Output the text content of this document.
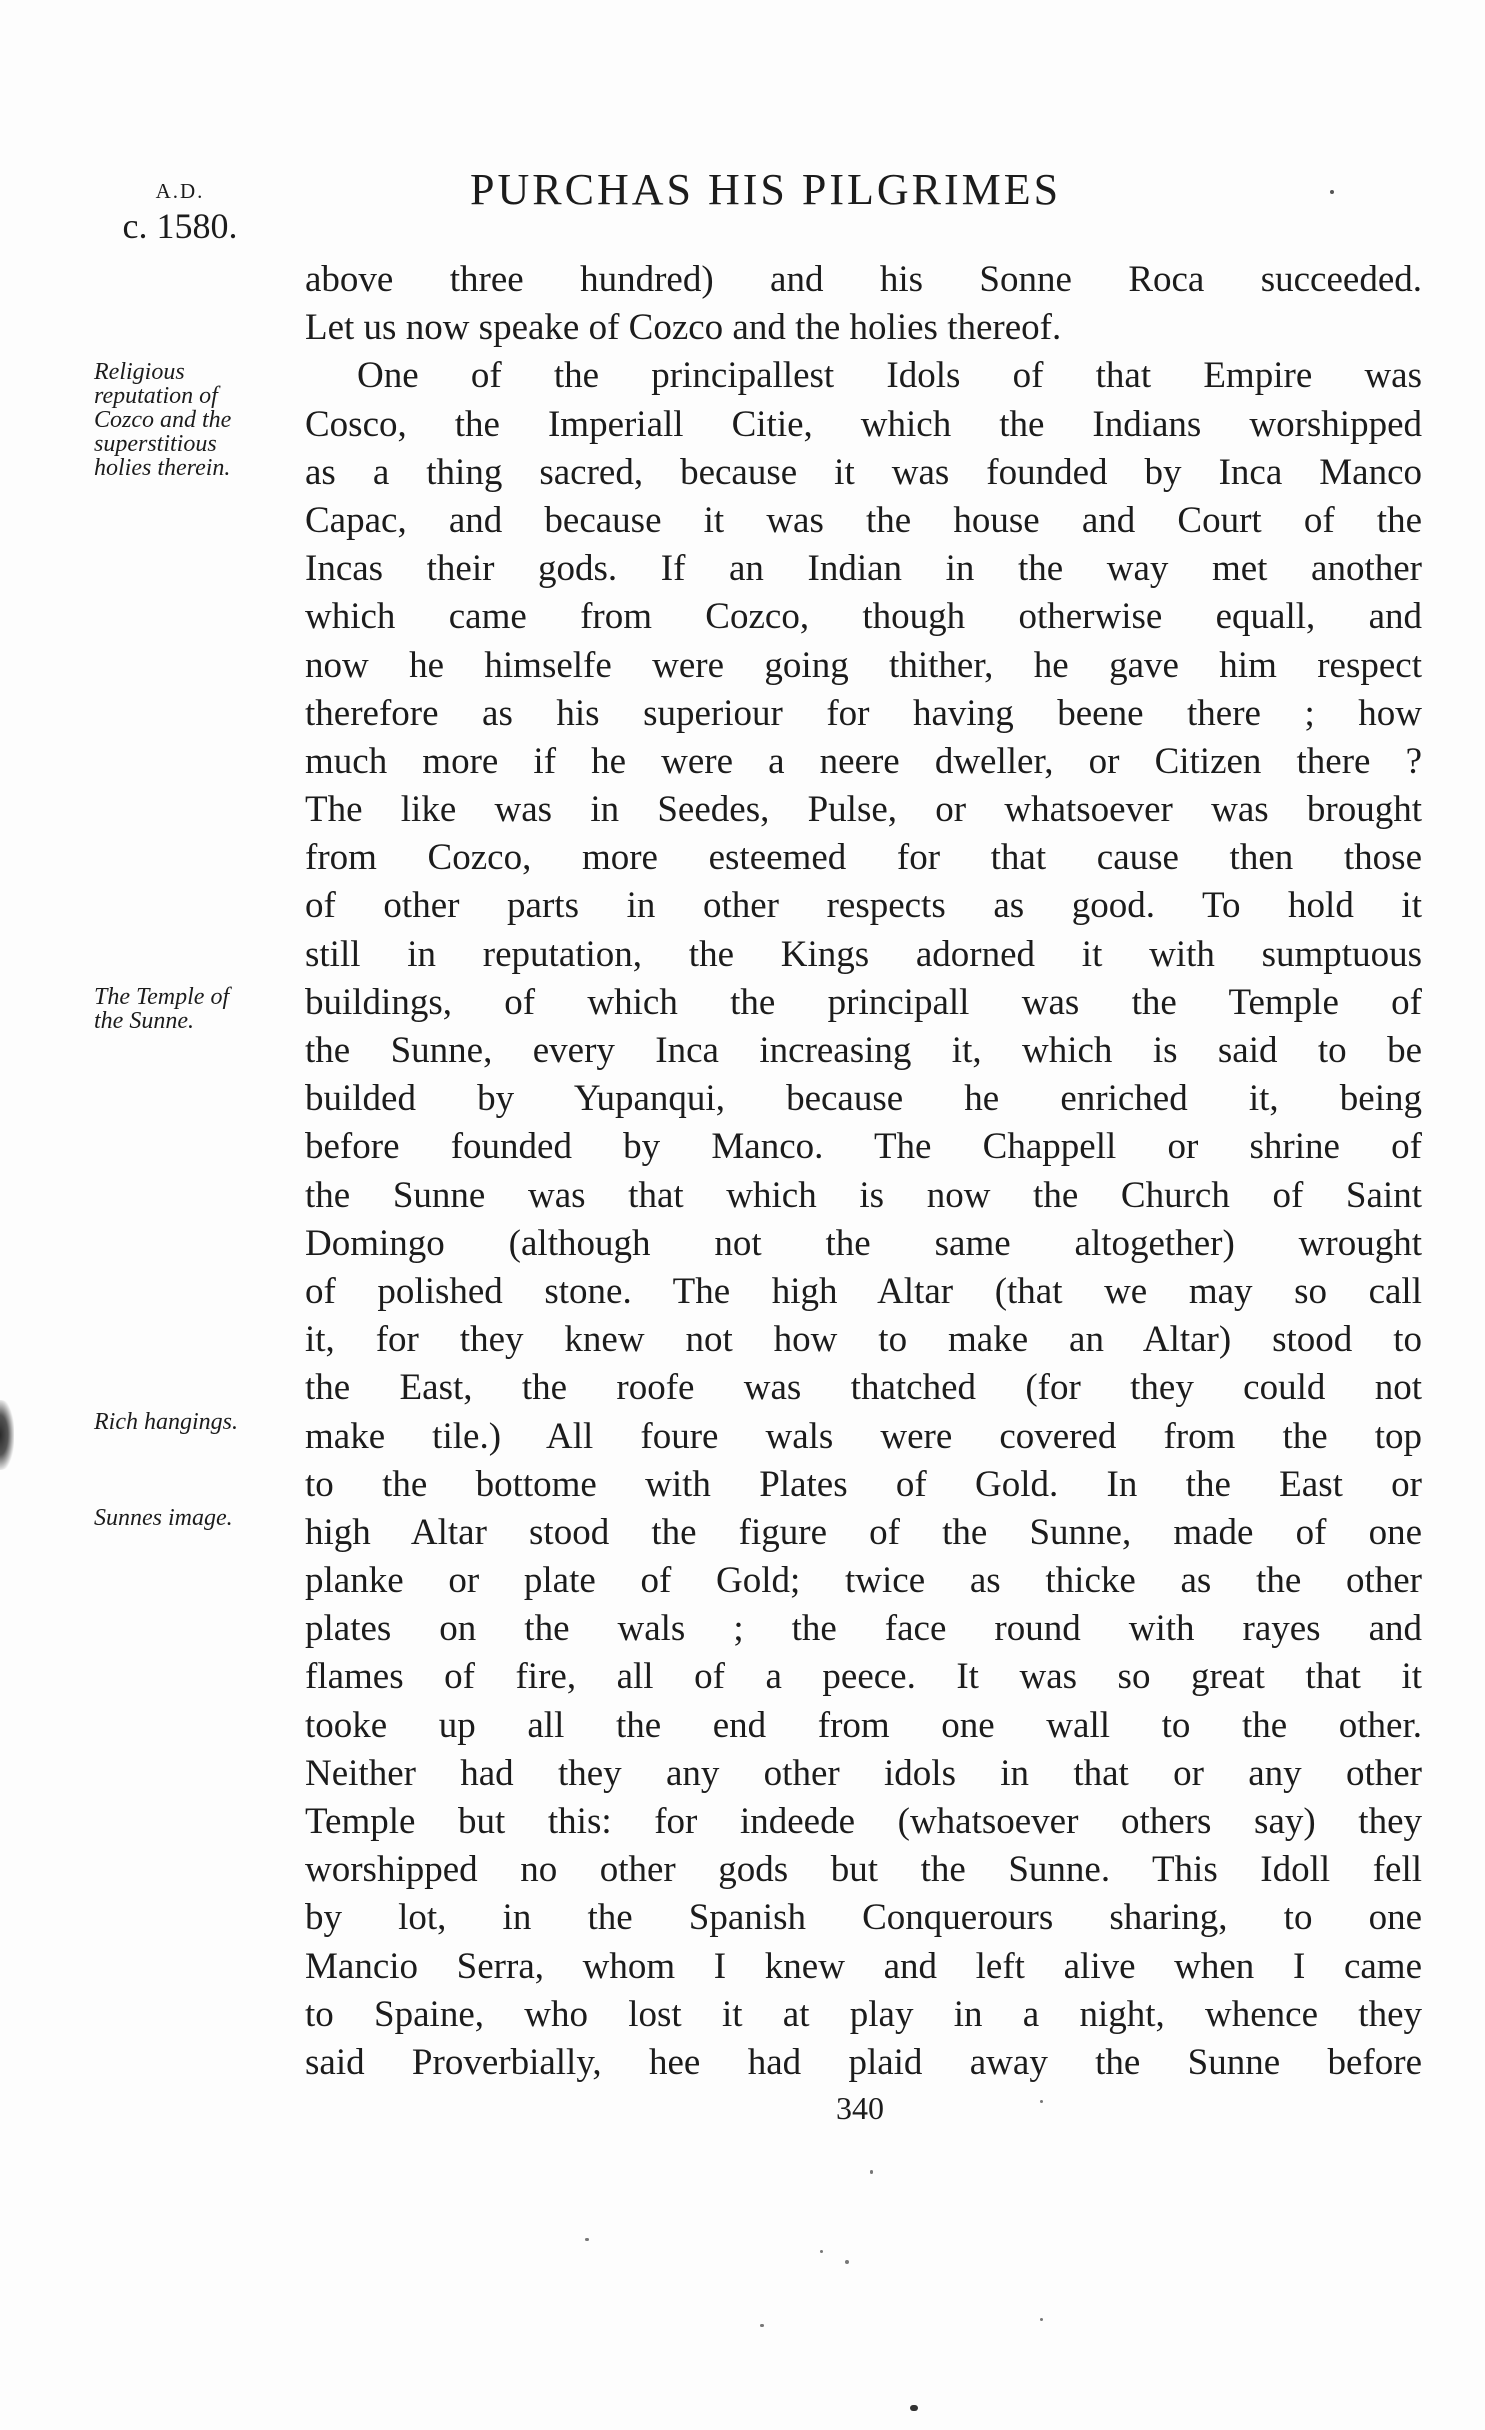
A.D.
c. 1580.
PURCHAS HIS PILGRIMES
above three hundred) and his Sonne Roca succeeded.
Let us now speake of Cozco and the holies thereof.
One of the principallest Idols of that Empire was
Cosco, the Imperiall Citie, which the Indians worshipped
as a thing sacred, because it was founded by Inca Manco
Capac, and because it was the house and Court of the
Incas their gods. If an Indian in the way met another
which came from Cozco, though otherwise equall, and
now he himselfe were going thither, he gave him respect
therefore as his superiour for having beene there ; how
much more if he were a neere dweller, or Citizen there ?
The like was in Seedes, Pulse, or whatsoever was brought
from Cozco, more esteemed for that cause then those
of other parts in other respects as good. To hold it
still in reputation, the Kings adorned it with sumptuous
buildings, of which the principall was the Temple of
the Sunne, every Inca increasing it, which is said to be
builded by Yupanqui, because he enriched it, being
before founded by Manco. The Chappell or shrine of
the Sunne was that which is now the Church of Saint
Domingo (although not the same altogether) wrought
of polished stone. The high Altar (that we may so call
it, for they knew not how to make an Altar) stood to
the East, the roofe was thatched (for they could not
make tile.) All foure wals were covered from the top
to the bottome with Plates of Gold. In the East or
high Altar stood the figure of the Sunne, made of one
planke or plate of Gold; twice as thicke as the other
plates on the wals ; the face round with rayes and
flames of fire, all of a peece. It was so great that it
tooke up all the end from one wall to the other.
Neither had they any other idols in that or any other
Temple but this: for indeede (whatsoever others say) they
worshipped no other gods but the Sunne. This Idoll fell
by lot, in the Spanish Conquerours sharing, to one
Mancio Serra, whom I knew and left alive when I came
to Spaine, who lost it at play in a night, whence they
said Proverbially, hee had plaid away the Sunne before
Religious
reputation of
Cozco and the
superstitious
holies therein.
The Temple of
the Sunne.
Rich hangings.
Sunnes image.
340
